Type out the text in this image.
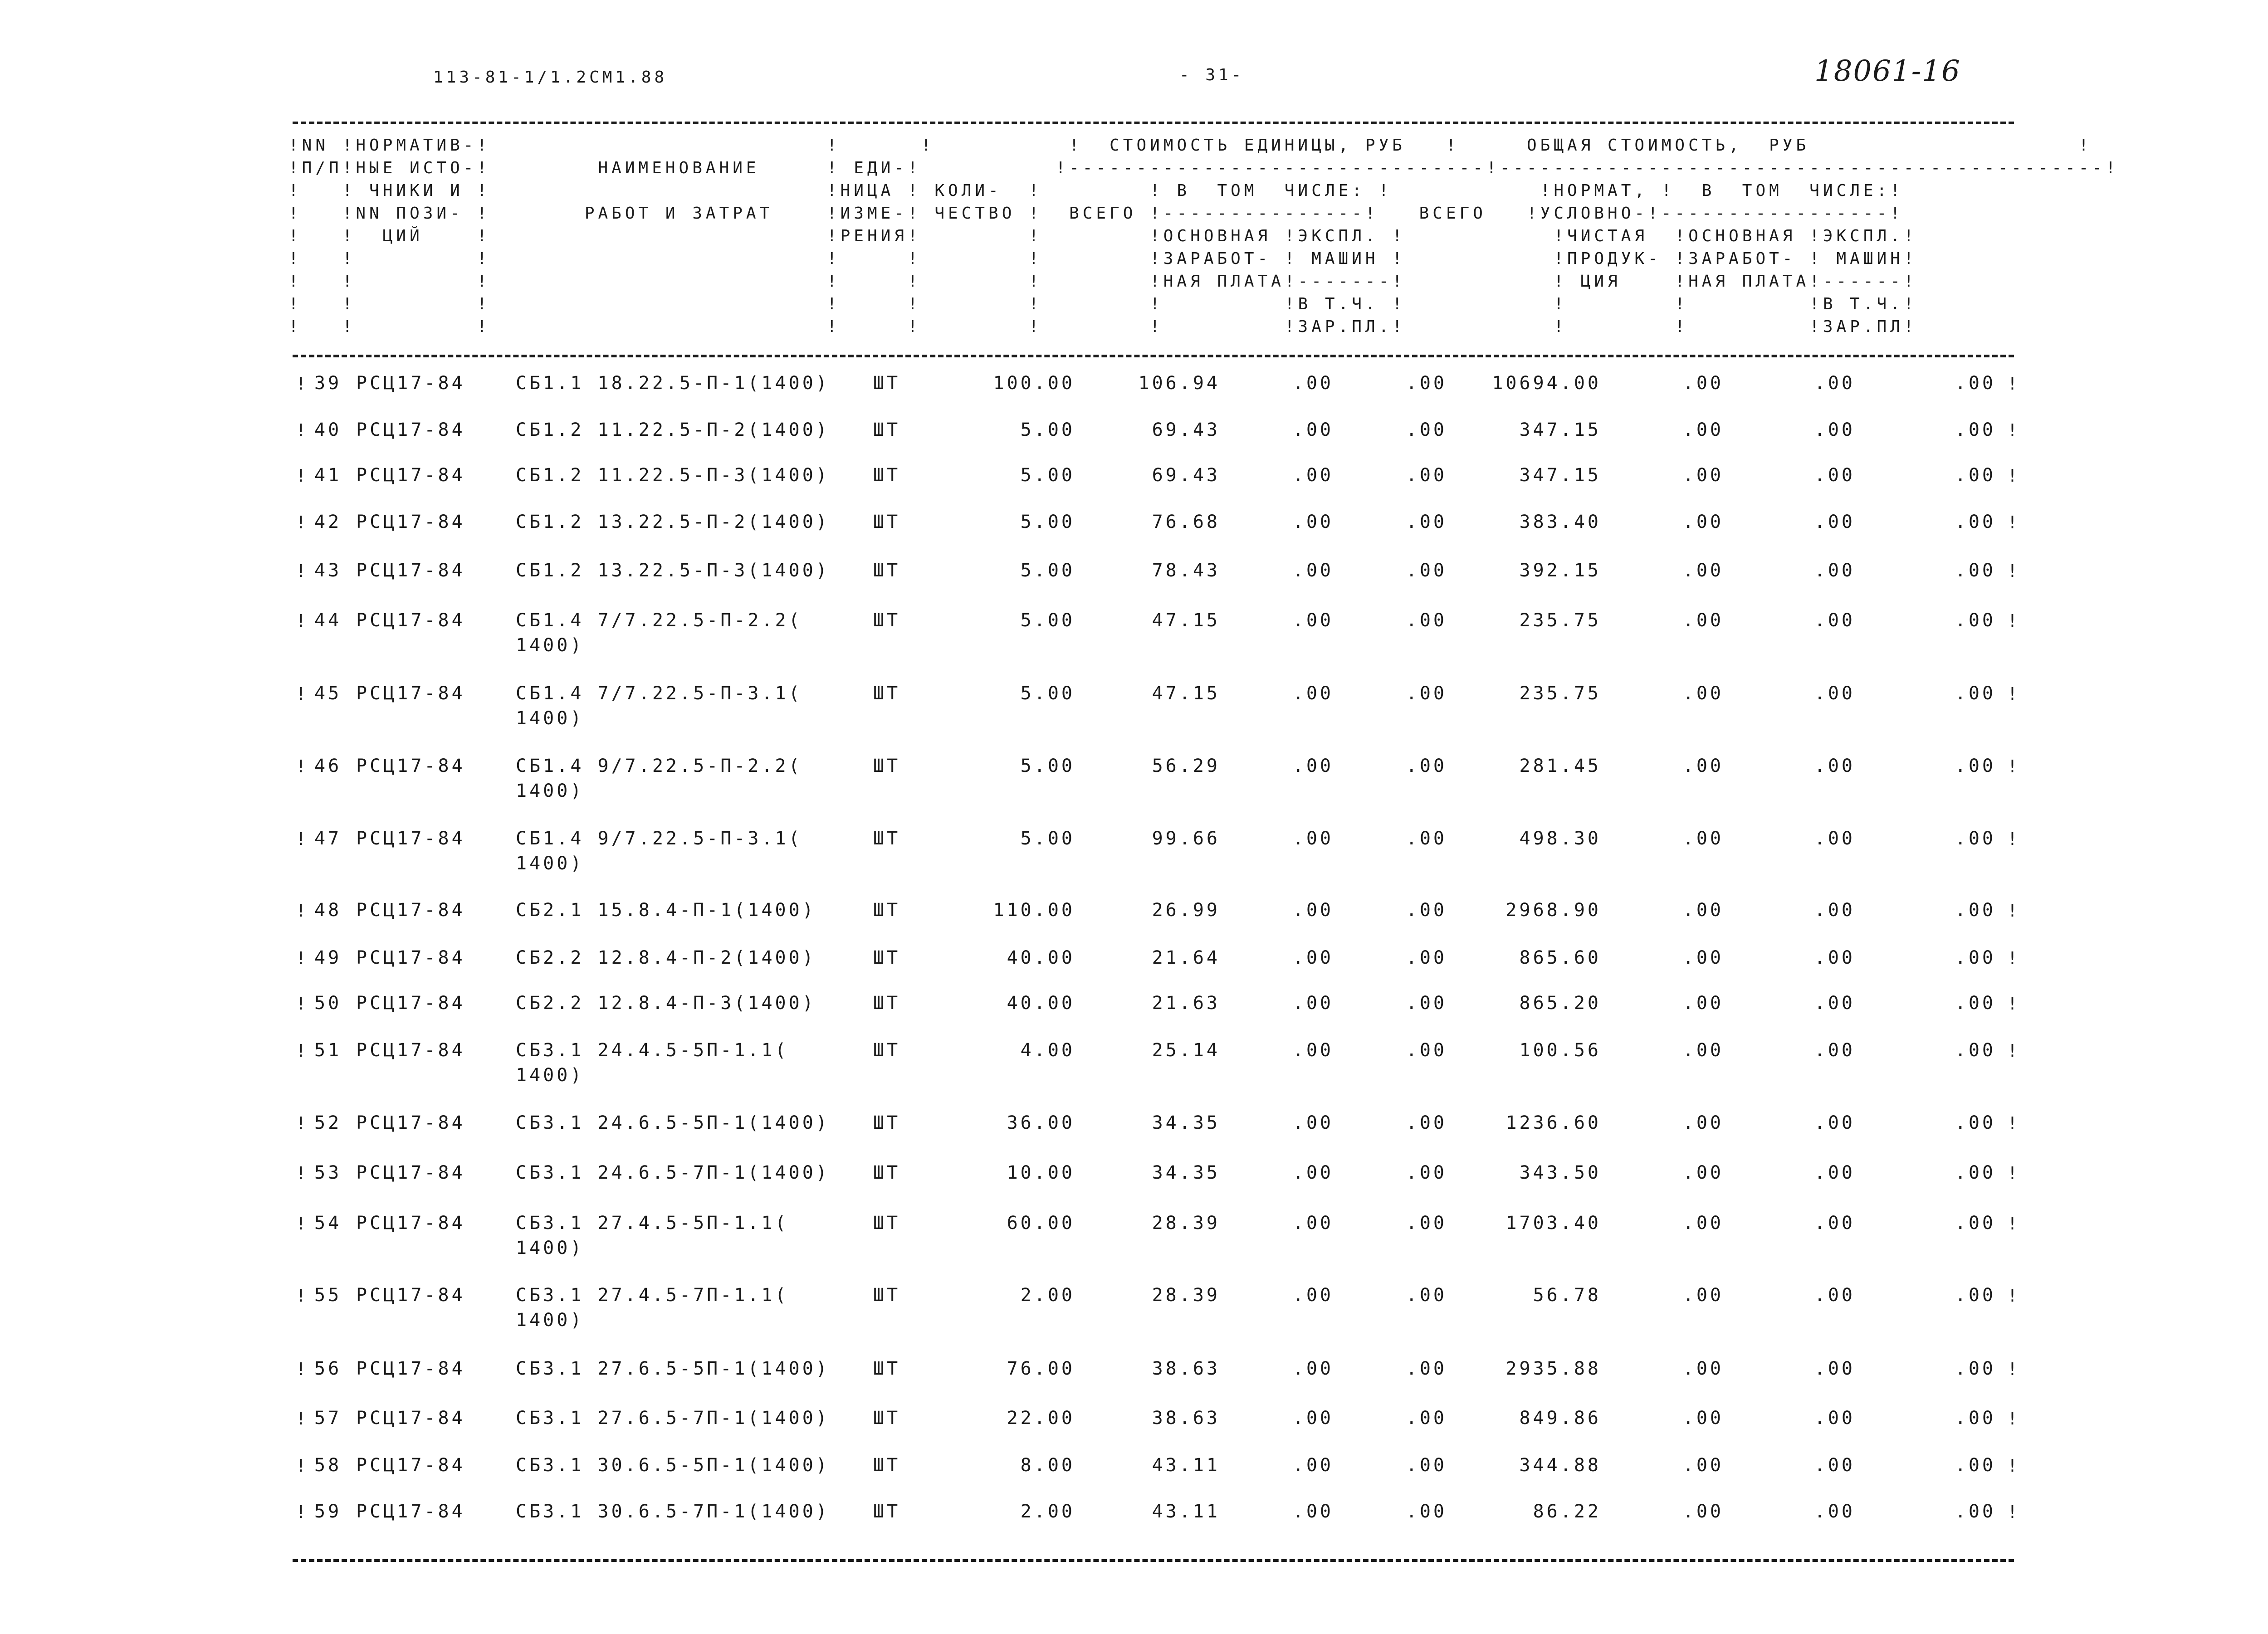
113-81-1/1.2СМ1.88	- 31-	18061-16
!NN !НОРМАТИВ-!                         !      !          !  СТОИМОСТЬ ЕДИНИЦЫ, РУБ   !     ОБЩАЯ СТОИМОСТЬ,  РУБ                    !
!П/П!НЫЕ ИСТО-!        НАИМЕНОВАНИЕ     ! ЕДИ-!          !-------------------------------!---------------------------------------------!
!   ! ЧНИКИ И !                         !НИЦА ! КОЛИ-  !        ! В  ТОМ  ЧИСЛЕ: !           !НОРМАТ, !  В  ТОМ  ЧИСЛЕ:!
!   !NN ПОЗИ- !       РАБОТ И ЗАТРАТ    !ИЗМЕ-! ЧЕСТВО !  ВСЕГО !---------------!   ВСЕГО   !УСЛОВНО-!-----------------!
!   !  ЦИЙ    !                         !РЕНИЯ!        !        !ОСНОВНАЯ !ЭКСПЛ. !           !ЧИСТАЯ  !ОСНОВНАЯ !ЭКСПЛ.!
!   !         !                         !     !        !        !ЗАРАБОТ- ! МАШИН !           !ПРОДУК- !ЗАРАБОТ- ! МАШИН!
!   !         !                         !     !        !        !НАЯ ПЛАТА!-------!           ! ЦИЯ    !НАЯ ПЛАТА!------!
!   !         !                         !     !        !        !         !В Т.Ч. !           !        !         !В Т.Ч.!
!   !         !                         !     !        !        !         !ЗАР.ПЛ.!           !        !         !ЗАР.ПЛ!
!	!
39 РСЦ17-84	СБ1.1 18.22.5-П-1(1400)	ШТ	100.00	106.94	.00	.00	10694.00	.00	.00	.00
!	!
40 РСЦ17-84	СБ1.2 11.22.5-П-2(1400)	ШТ	5.00	69.43	.00	.00	347.15	.00	.00	.00
!	!
41 РСЦ17-84	СБ1.2 11.22.5-П-3(1400)	ШТ	5.00	69.43	.00	.00	347.15	.00	.00	.00
!	!
42 РСЦ17-84	СБ1.2 13.22.5-П-2(1400)	ШТ	5.00	76.68	.00	.00	383.40	.00	.00	.00
!	!
43 РСЦ17-84	СБ1.2 13.22.5-П-3(1400)	ШТ	5.00	78.43	.00	.00	392.15	.00	.00	.00
!	!
44 РСЦ17-84	СБ1.4 7/7.22.5-П-2.2(	ШТ	5.00	47.15	.00	.00	235.75	.00	.00	.00
1400)
!	!
45 РСЦ17-84	СБ1.4 7/7.22.5-П-3.1(	ШТ	5.00	47.15	.00	.00	235.75	.00	.00	.00
1400)
!	!
46 РСЦ17-84	СБ1.4 9/7.22.5-П-2.2(	ШТ	5.00	56.29	.00	.00	281.45	.00	.00	.00
1400)
!	!
47 РСЦ17-84	СБ1.4 9/7.22.5-П-3.1(	ШТ	5.00	99.66	.00	.00	498.30	.00	.00	.00
1400)
!	!
48 РСЦ17-84	СБ2.1 15.8.4-П-1(1400)	ШТ	110.00	26.99	.00	.00	2968.90	.00	.00	.00
!	!
49 РСЦ17-84	СБ2.2 12.8.4-П-2(1400)	ШТ	40.00	21.64	.00	.00	865.60	.00	.00	.00
!	!
50 РСЦ17-84	СБ2.2 12.8.4-П-3(1400)	ШТ	40.00	21.63	.00	.00	865.20	.00	.00	.00
!	!
51 РСЦ17-84	СБ3.1 24.4.5-5П-1.1(	ШТ	4.00	25.14	.00	.00	100.56	.00	.00	.00
1400)
!	!
52 РСЦ17-84	СБ3.1 24.6.5-5П-1(1400)	ШТ	36.00	34.35	.00	.00	1236.60	.00	.00	.00
!	!
53 РСЦ17-84	СБ3.1 24.6.5-7П-1(1400)	ШТ	10.00	34.35	.00	.00	343.50	.00	.00	.00
!	!
54 РСЦ17-84	СБ3.1 27.4.5-5П-1.1(	ШТ	60.00	28.39	.00	.00	1703.40	.00	.00	.00
1400)
!	!
55 РСЦ17-84	СБ3.1 27.4.5-7П-1.1(	ШТ	2.00	28.39	.00	.00	56.78	.00	.00	.00
1400)
!	!
56 РСЦ17-84	СБ3.1 27.6.5-5П-1(1400)	ШТ	76.00	38.63	.00	.00	2935.88	.00	.00	.00
!	!
57 РСЦ17-84	СБ3.1 27.6.5-7П-1(1400)	ШТ	22.00	38.63	.00	.00	849.86	.00	.00	.00
!	!
58 РСЦ17-84	СБ3.1 30.6.5-5П-1(1400)	ШТ	8.00	43.11	.00	.00	344.88	.00	.00	.00
!	!
59 РСЦ17-84	СБ3.1 30.6.5-7П-1(1400)	ШТ	2.00	43.11	.00	.00	86.22	.00	.00	.00
